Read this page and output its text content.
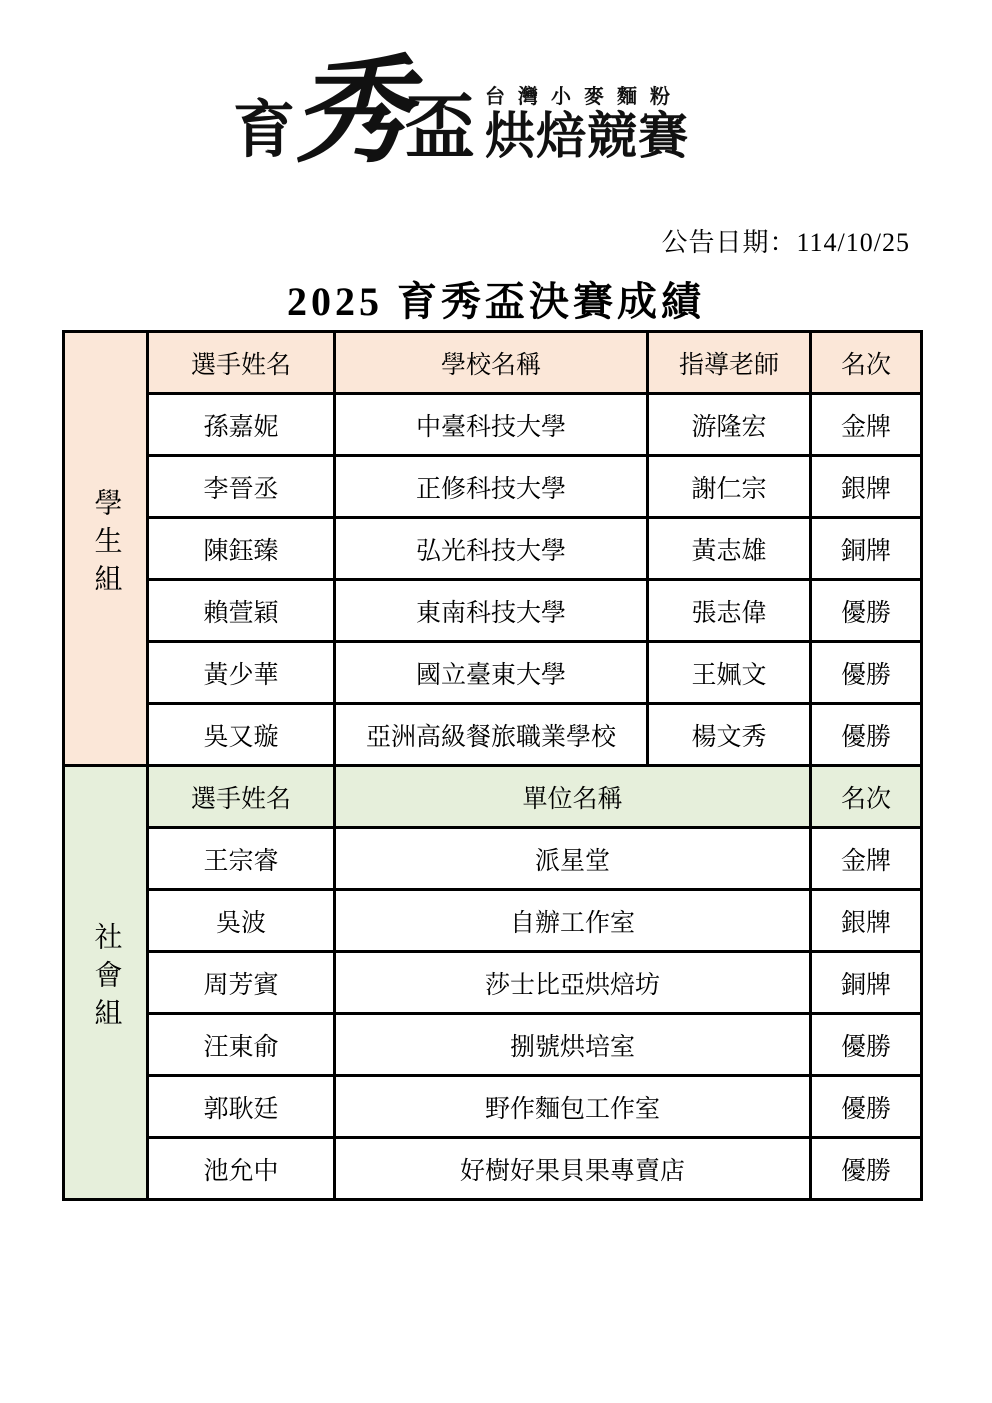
育
秀
盃 台灣小麥麵粉
烘焙競賽
公告日期：114/10/25
2025 育秀盃決賽成績
學生組	選手姓名	學校名稱	指導老師	名次
	孫嘉妮	中臺科技大學	游隆宏	金牌
	李晉丞	正修科技大學	謝仁宗	銀牌
	陳鈺臻	弘光科技大學	黃志雄	銅牌
	賴萱穎	東南科技大學	張志偉	優勝
	黃少華	國立臺東大學	王姵文	優勝
	吳又璇	亞洲高級餐旅職業學校	楊文秀	優勝
社會組	選手姓名	單位名稱		名次
	王宗睿	派星堂		金牌
	吳波	自辦工作室		銀牌
	周芳賓	莎士比亞烘焙坊		銅牌
	汪東俞	捌號烘培室		優勝
	郭耿廷	野作麵包工作室		優勝
	池允中	好樹好果貝果專賣店		優勝
